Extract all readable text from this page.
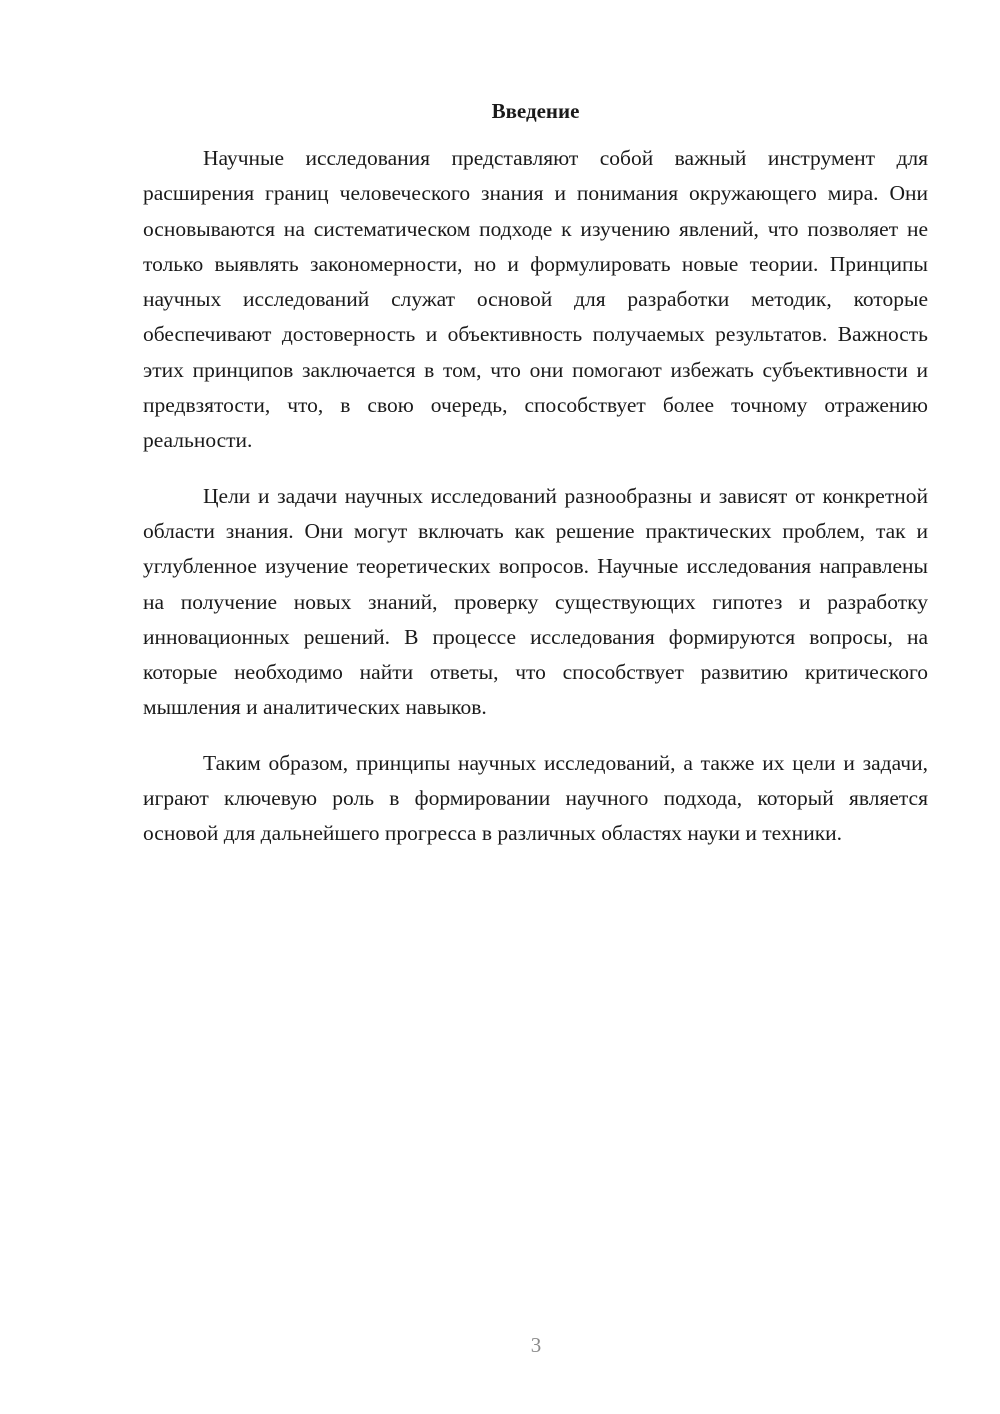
Введение

Научные исследования представляют собой важный инструмент для расширения границ человеческого знания и понимания окружающего мира. Они основываются на систематическом подходе к изучению явлений, что позволяет не только выявлять закономерности, но и формулировать новые теории. Принципы научных исследований служат основой для разработки методик, которые обеспечивают достоверность и объективность получаемых результатов. Важность этих принципов заключается в том, что они помогают избежать субъективности и предвзятости, что, в свою очередь, способствует более точному отражению реальности.

Цели и задачи научных исследований разнообразны и зависят от конкретной области знания. Они могут включать как решение практических проблем, так и углубленное изучение теоретических вопросов. Научные исследования направлены на получение новых знаний, проверку существующих гипотез и разработку инновационных решений. В процессе исследования формируются вопросы, на которые необходимо найти ответы, что способствует развитию критического мышления и аналитических навыков.

Таким образом, принципы научных исследований, а также их цели и задачи, играют ключевую роль в формировании научного подхода, который является основой для дальнейшего прогресса в различных областях науки и техники.

3
